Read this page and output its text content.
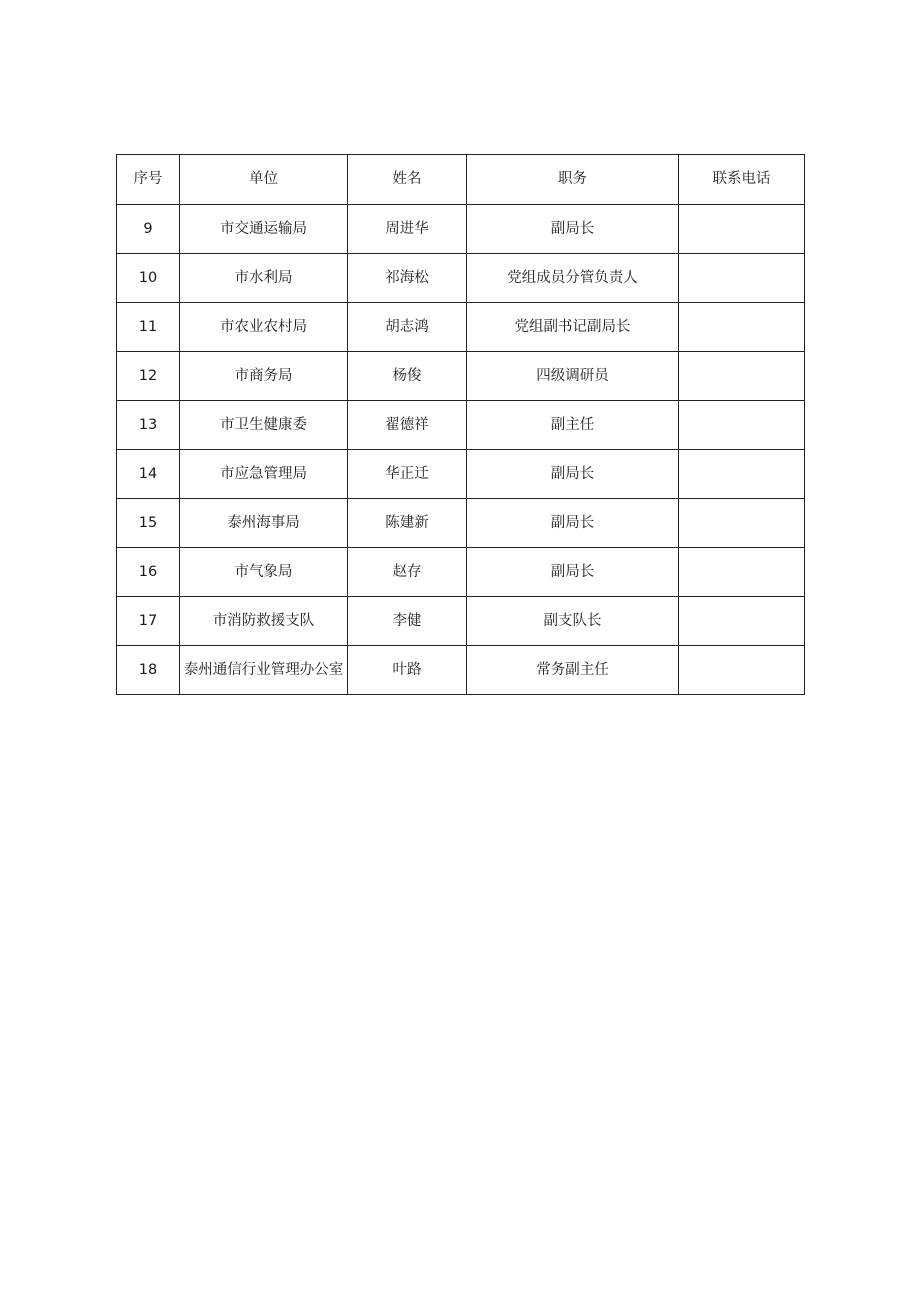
序号	单位	姓名	职务	联系电话
9	市交通运输局	周进华	副局长	
10	市水利局	祁海松	党组成员分管负责人	
11	市农业农村局	胡志鸿	党组副书记副局长	
12	市商务局	杨俊	四级调研员	
13	市卫生健康委	翟德祥	副主任	
14	市应急管理局	华正迁	副局长	
15	泰州海事局	陈建新	副局长	
16	市气象局	赵存	副局长	
17	市消防救援支队	李健	副支队长	
18	泰州通信行业管理办公室	叶路	常务副主任	
